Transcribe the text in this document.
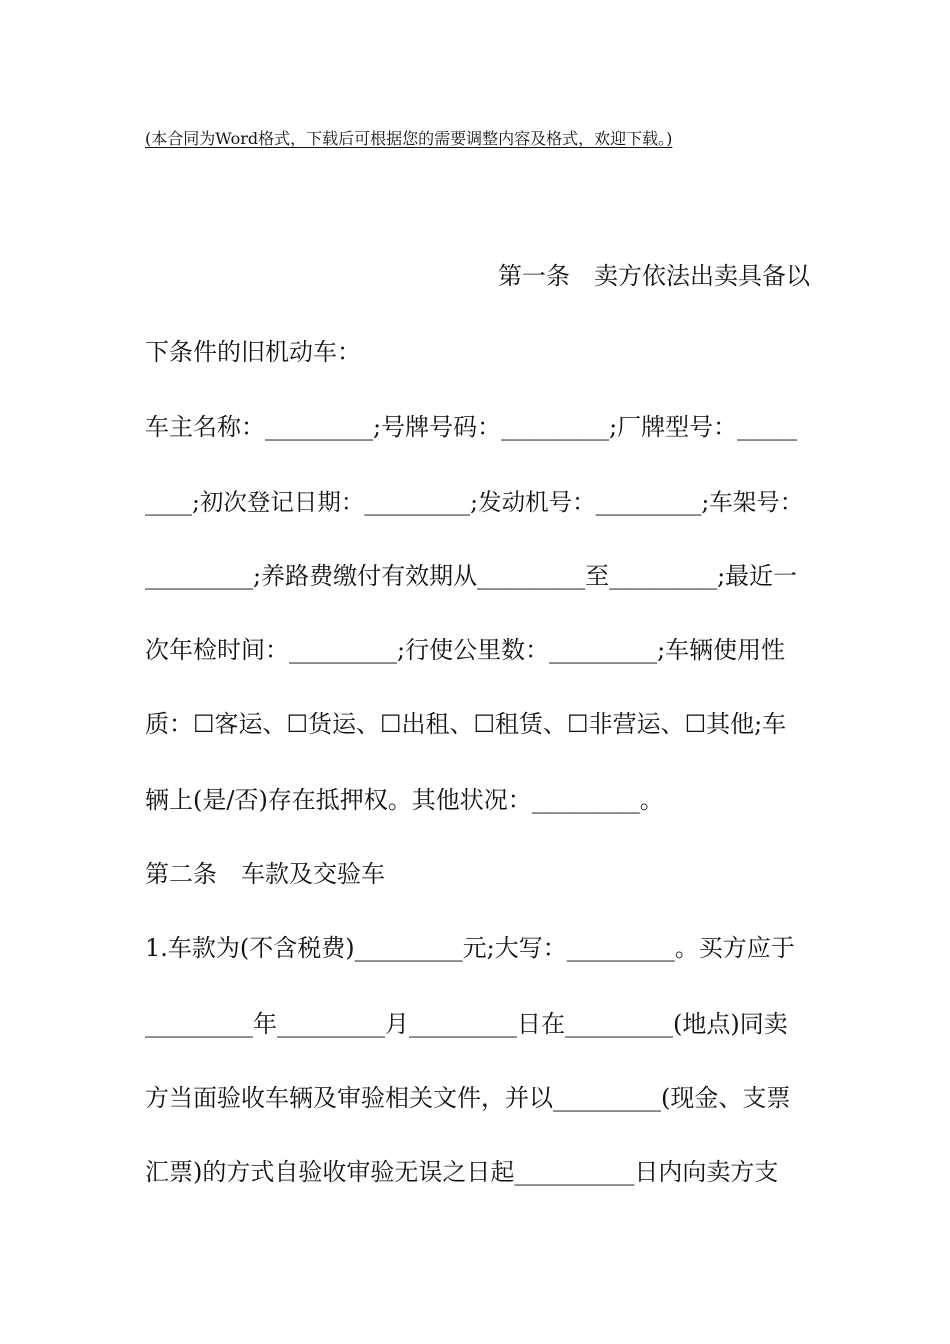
(本合同为Word格式，下载后可根据您的需要调整内容及格式，欢迎下载。)
第一条　卖方依法出卖具备以
下条件的旧机动车：
车主名称：_________;号牌号码：_________;厂牌型号：_____
____;初次登记日期：_________;发动机号：_________;车架号：
_________;养路费缴付有效期从_________至_________;最近一
次年检时间：_________;行使公里数：_________;车辆使用性
质：☐客运、☐货运、☐出租、☐租赁、☐非营运、☐其他;车
辆上(是/否)存在抵押权。其他状况：_________。
第二条　车款及交验车
1.车款为(不含税费)_________元;大写：_________。买方应于
_________年_________月_________日在_________(地点)同卖
方当面验收车辆及审验相关文件，并以_________(现金、支票
汇票)的方式自验收审验无误之日起__________日内向卖方支
